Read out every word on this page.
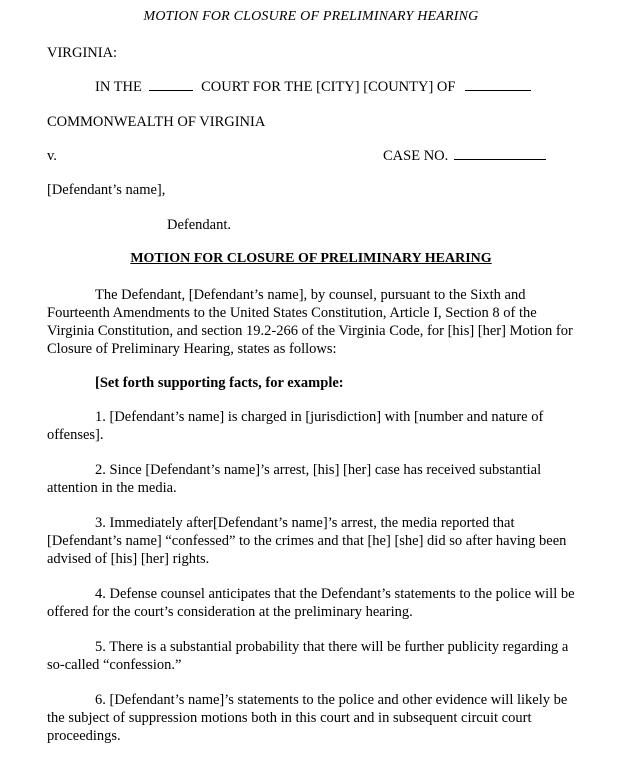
MOTION FOR CLOSURE OF PRELIMINARY HEARING
VIRGINIA:
IN THE	COURT FOR THE [CITY] [COUNTY] OF
COMMONWEALTH OF VIRGINIA
v.	CASE NO.
[Defendant’s name],
Defendant.
MOTION FOR CLOSURE OF PRELIMINARY HEARING
The Defendant, [Defendant’s name], by counsel, pursuant to the Sixth and Fourteenth Amendments to the United States Constitution, Article I, Section 8 of the Virginia Constitution, and section 19.2-266 of the Virginia Code, for [his] [her] Motion for Closure of Preliminary Hearing, states as follows:
[Set forth supporting facts, for example:
1. [Defendant’s name] is charged in [jurisdiction] with [number and nature of offenses].
2. Since [Defendant’s name]’s arrest, [his] [her] case has received substantial attention in the media.
3. Immediately after[Defendant’s name]’s arrest, the media reported that [Defendant’s name] “confessed” to the crimes and that [he] [she] did so after having been advised of [his] [her] rights.
4. Defense counsel anticipates that the Defendant’s statements to the police will be offered for the court’s consideration at the preliminary hearing.
5. There is a substantial probability that there will be further publicity regarding a so-called “confession.”
6. [Defendant’s name]’s statements to the police and other evidence will likely be the subject of suppression motions both in this court and in subsequent circuit court proceedings.
